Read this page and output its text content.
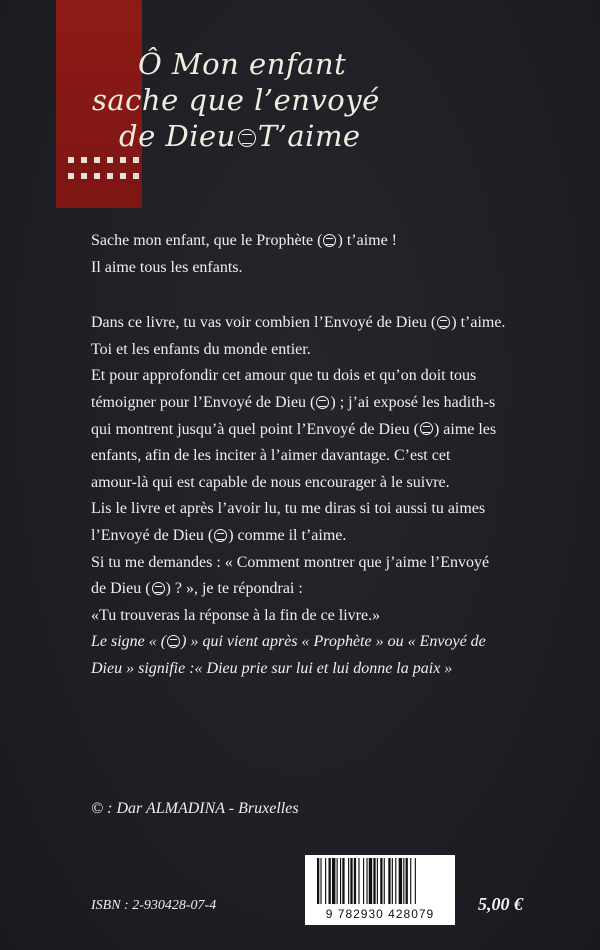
Ô Mon enfant
sache que l’envoyé
de Dieu T’aime

Sache mon enfant, que le Prophète ( ) t’aime !

Il aime tous les enfants.

Dans ce livre, tu vas voir combien l’Envoyé de Dieu ( ) t’aime.

Toi et les enfants du monde entier.

Et pour approfondir cet amour que tu dois et qu’on doit tous

témoigner pour l’Envoyé de Dieu ( ) ; j’ai exposé les hadith-s

qui montrent jusqu’à quel point l’Envoyé de Dieu ( ) aime les

enfants, afin de les inciter à l’aimer davantage. C’est cet

amour-là qui est capable de nous encourager à le suivre.

Lis le livre et après l’avoir lu, tu me diras si toi aussi tu aimes

l’Envoyé de Dieu ( ) comme il t’aime.

Si tu me demandes : « Comment montrer que j’aime l’Envoyé

de Dieu ( ) ? », je te répondrai :

«Tu trouveras la réponse à la fin de ce livre.»

Le signe « ( ) » qui vient après « Prophète » ou « Envoyé de

Dieu » signifie :« Dieu prie sur lui et lui donne la paix »

© : Dar ALMADINA - Bruxelles
9 782930 428079
ISBN : 2-930428-07-4	5,00 €
